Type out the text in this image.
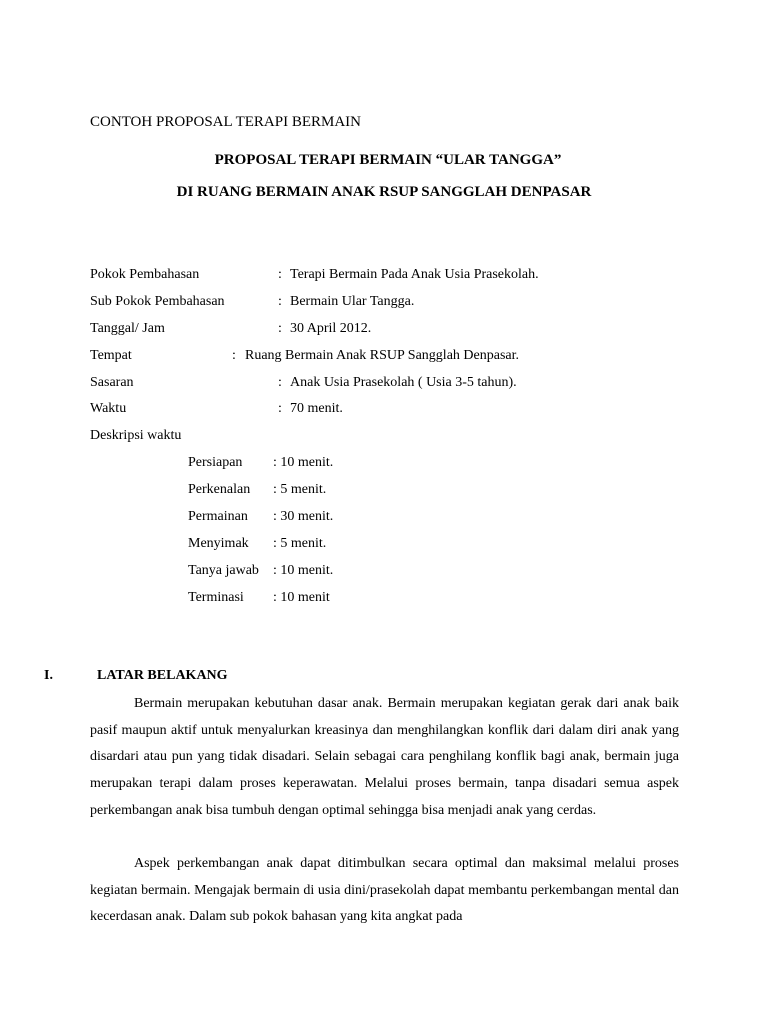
CONTOH PROPOSAL TERAPI BERMAIN
PROPOSAL TERAPI BERMAIN “ULAR TANGGA”
DI RUANG BERMAIN ANAK RSUP SANGGLAH DENPASAR
Pokok Pembahasan	: Terapi Bermain Pada Anak Usia Prasekolah.
Sub Pokok Pembahasan	: Bermain Ular Tangga.
Tanggal/ Jam	: 30 April 2012.
Tempat	: Ruang Bermain Anak RSUP Sangglah Denpasar.
Sasaran	: Anak Usia Prasekolah ( Usia 3-5 tahun).
Waktu	: 70 menit.
Deskripsi waktu
Persiapan : 10 menit.
Perkenalan : 5 menit.
Permainan : 30 menit.
Menyimak : 5 menit.
Tanya jawab : 10 menit.
Terminasi : 10 menit
I.	LATAR BELAKANG

Bermain merupakan kebutuhan dasar anak. Bermain merupakan kegiatan gerak dari anak baik pasif maupun aktif untuk menyalurkan kreasinya dan menghilangkan konflik dari dalam diri anak yang disardari atau pun yang tidak disadari. Selain sebagai cara penghilang konflik bagi anak, bermain juga merupakan terapi dalam proses keperawatan. Melalui proses bermain, tanpa disadari semua aspek perkembangan anak bisa tumbuh dengan optimal sehingga bisa menjadi anak yang cerdas.

Aspek perkembangan anak dapat ditimbulkan secara optimal dan maksimal melalui proses kegiatan bermain. Mengajak bermain di usia dini/prasekolah dapat membantu perkembangan mental dan kecerdasan anak. Dalam sub pokok bahasan yang kita angkat pada
